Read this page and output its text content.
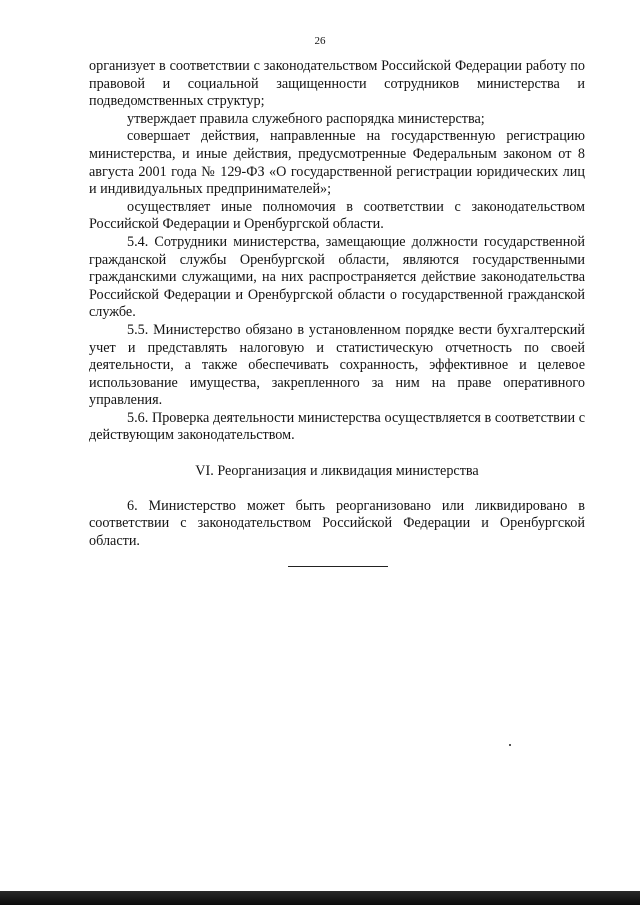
26

организует в соответствии с законодательством Российской Федерации работу по правовой и социальной защищенности сотрудников министерства и подведомственных структур;

утверждает правила служебного распорядка министерства;

совершает действия, направленные на государственную регистрацию министерства, и иные действия, предусмотренные Федеральным законом от 8 августа 2001 года № 129-ФЗ «О государственной регистрации юридических лиц и индивидуальных предпринимателей»;

осуществляет иные полномочия в соответствии с законодательством Российской Федерации и Оренбургской области.

5.4. Сотрудники министерства, замещающие должности государственной гражданской службы Оренбургской области, являются государственными гражданскими служащими, на них распространяется действие законодательства Российской Федерации и Оренбургской области о государственной гражданской службе.

5.5. Министерство обязано в установленном порядке вести бухгалтерский учет и представлять налоговую и статистическую отчетность по своей деятельности, а также обеспечивать сохранность, эффективное и целевое использование имущества, закрепленного за ним на праве оперативного управления.

5.6. Проверка деятельности министерства осуществляется в соответствии с действующим законодательством.

VI. Реорганизация и ликвидация министерства

6. Министерство может быть реорганизовано или ликвидировано в соответствии с законодательством Российской Федерации и Оренбургской области.
